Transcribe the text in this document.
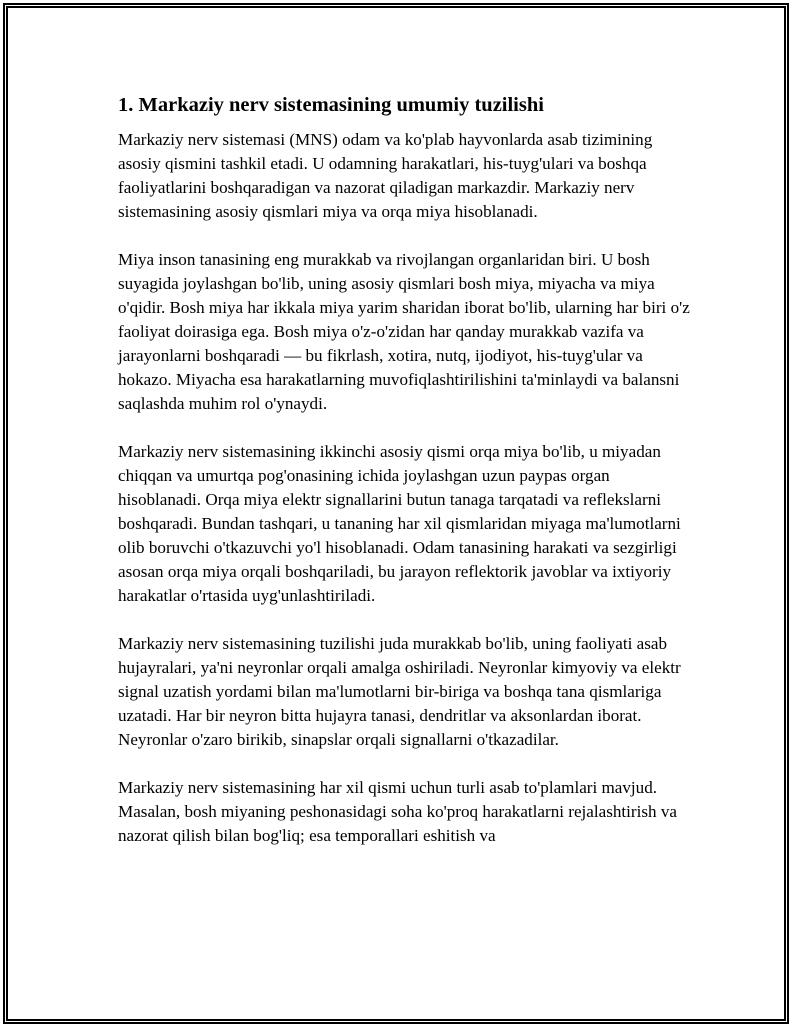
1. Markaziy nerv sistemasining umumiy tuzilishi

Markaziy nerv sistemasi (MNS) odam va ko'plab hayvonlarda asab tizimining asosiy qismini tashkil etadi. U odamning harakatlari, his-tuyg'ulari va boshqa faoliyatlarini boshqaradigan va nazorat qiladigan markazdir. Markaziy nerv sistemasining asosiy qismlari miya va orqa miya hisoblanadi.

Miya inson tanasining eng murakkab va rivojlangan organlaridan biri. U bosh suyagida joylashgan bo'lib, uning asosiy qismlari bosh miya, miyacha va miya o'qidir. Bosh miya har ikkala miya yarim sharidan iborat bo'lib, ularning har biri o'z faoliyat doirasiga ega. Bosh miya o'z-o'zidan har qanday murakkab vazifa va jarayonlarni boshqaradi — bu fikrlash, xotira, nutq, ijodiyot, his-tuyg'ular va hokazo. Miyacha esa harakatlarning muvofiqlashtirilishini ta'minlaydi va balansni saqlashda muhim rol o'ynaydi.

Markaziy nerv sistemasining ikkinchi asosiy qismi orqa miya bo'lib, u miyadan chiqqan va umurtqa pog'onasining ichida joylashgan uzun paypas organ hisoblanadi. Orqa miya elektr signallarini butun tanaga tarqatadi va reflekslarni boshqaradi. Bundan tashqari, u tananing har xil qismlaridan miyaga ma'lumotlarni olib boruvchi o'tkazuvchi yo'l hisoblanadi. Odam tanasining harakati va sezgirligi asosan orqa miya orqali boshqariladi, bu jarayon reflektorik javoblar va ixtiyoriy harakatlar o'rtasida uyg'unlashtiriladi.

Markaziy nerv sistemasining tuzilishi juda murakkab bo'lib, uning faoliyati asab hujayralari, ya'ni neyronlar orqali amalga oshiriladi. Neyronlar kimyoviy va elektr signal uzatish yordami bilan ma'lumotlarni bir-biriga va boshqa tana qismlariga uzatadi. Har bir neyron bitta hujayra tanasi, dendritlar va aksonlardan iborat. Neyronlar o'zaro birikib, sinapslar orqali signallarni o'tkazadilar.

Markaziy nerv sistemasining har xil qismi uchun turli asab to'plamlari mavjud. Masalan, bosh miyaning peshonasidagi soha ko'proq harakatlarni rejalashtirish va nazorat qilish bilan bog'liq; esa temporallari eshitish va
